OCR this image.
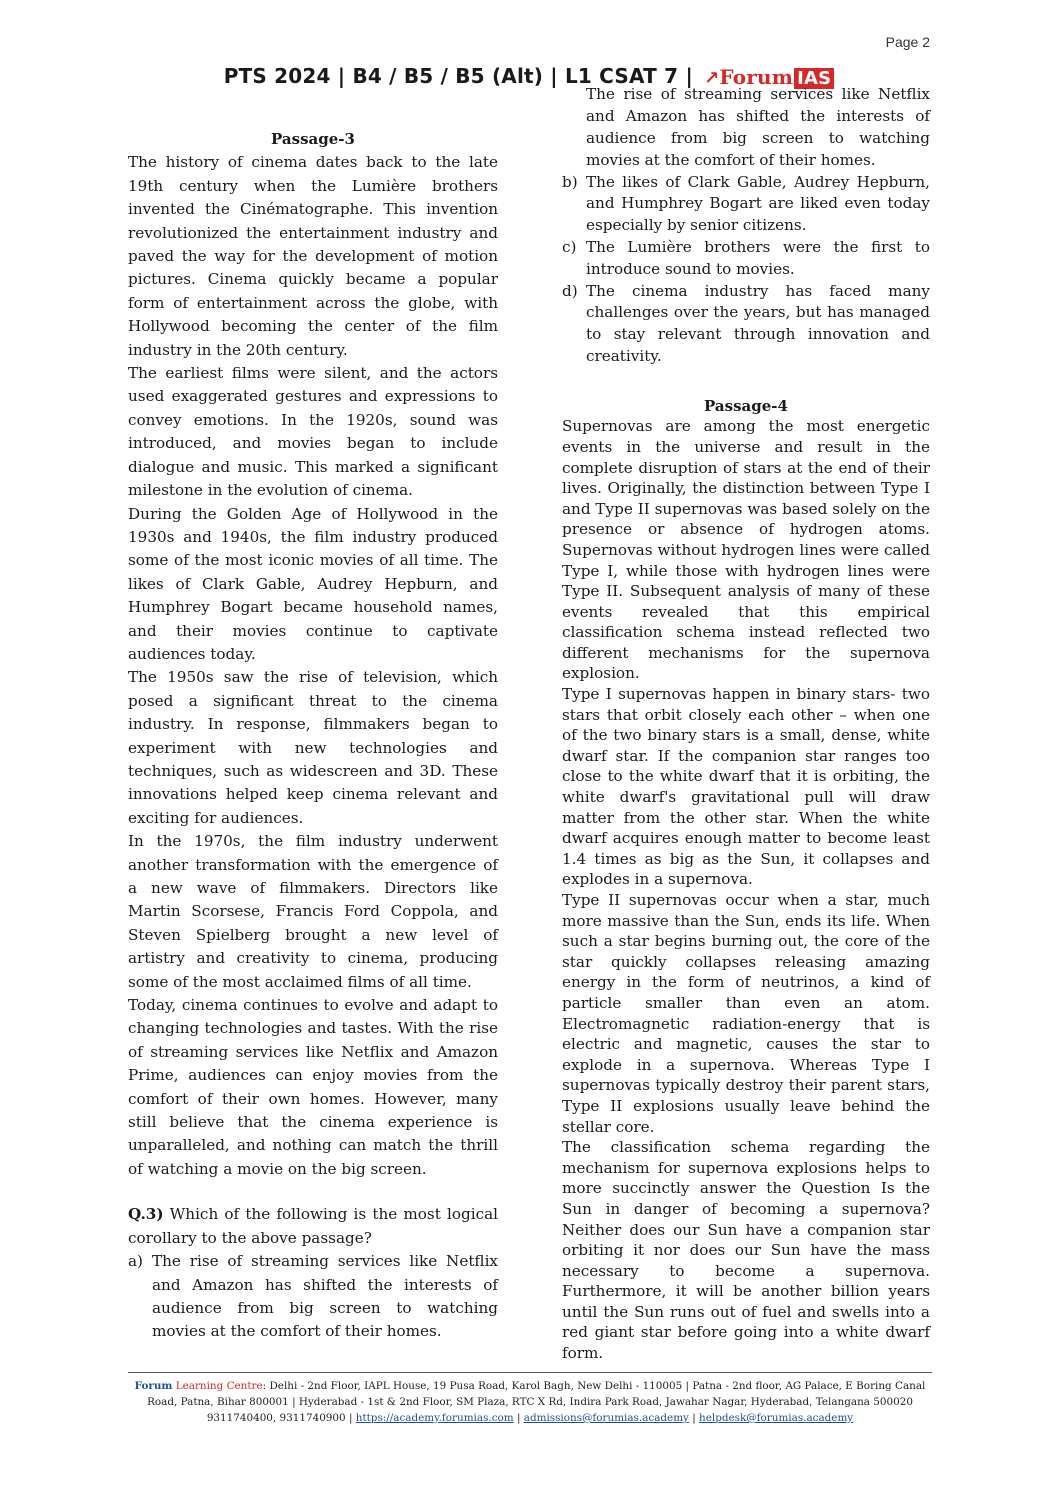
Page 2
PTS 2024 | B4 / B5 / B5 (Alt) | L1 CSAT 7 | ↗Forum IAS

Passage-3

The history of cinema dates back to the late 19th century when the Lumière brothers invented the Cinématographe. This invention revolutionized the entertainment industry and paved the way for the development of motion pictures. Cinema quickly became a popular form of entertainment across the globe, with Hollywood becoming the center of the film industry in the 20th century.

The earliest films were silent, and the actors used exaggerated gestures and expressions to convey emotions. In the 1920s, sound was introduced, and movies began to include dialogue and music. This marked a significant milestone in the evolution of cinema.

During the Golden Age of Hollywood in the 1930s and 1940s, the film industry produced some of the most iconic movies of all time. The likes of Clark Gable, Audrey Hepburn, and Humphrey Bogart became household names, and their movies continue to captivate audiences today.

The 1950s saw the rise of television, which posed a significant threat to the cinema industry. In response, filmmakers began to experiment with new technologies and techniques, such as widescreen and 3D. These innovations helped keep cinema relevant and exciting for audiences.

In the 1970s, the film industry underwent another transformation with the emergence of a new wave of filmmakers. Directors like Martin Scorsese, Francis Ford Coppola, and Steven Spielberg brought a new level of artistry and creativity to cinema, producing some of the most acclaimed films of all time.

Today, cinema continues to evolve and adapt to changing technologies and tastes. With the rise of streaming services like Netflix and Amazon Prime, audiences can enjoy movies from the comfort of their own homes. However, many still believe that the cinema experience is unparalleled, and nothing can match the thrill of watching a movie on the big screen.

Q.3) Which of the following is the most logical corollary to the above passage?

a) The rise of streaming services like Netflix and Amazon has shifted the interests of audience from big screen to watching movies at the comfort of their homes.
The rise of streaming services like Netflix and Amazon has shifted the interests of audience from big screen to watching movies at the comfort of their homes.
b) The likes of Clark Gable, Audrey Hepburn, and Humphrey Bogart are liked even today especially by senior citizens.
c) The Lumière brothers were the first to introduce sound to movies.
d) The cinema industry has faced many challenges over the years, but has managed to stay relevant through innovation and creativity.

Passage-4

Supernovas are among the most energetic events in the universe and result in the complete disruption of stars at the end of their lives. Originally, the distinction between Type I and Type II supernovas was based solely on the presence or absence of hydrogen atoms. Supernovas without hydrogen lines were called Type I, while those with hydrogen lines were Type II. Subsequent analysis of many of these events revealed that this empirical classification schema instead reflected two different mechanisms for the supernova explosion.

Type I supernovas happen in binary stars- two stars that orbit closely each other – when one of the two binary stars is a small, dense, white dwarf star. If the companion star ranges too close to the white dwarf that it is orbiting, the white dwarf's gravitational pull will draw matter from the other star. When the white dwarf acquires enough matter to become least 1.4 times as big as the Sun, it collapses and explodes in a supernova.

Type II supernovas occur when a star, much more massive than the Sun, ends its life. When such a star begins burning out, the core of the star quickly collapses releasing amazing energy in the form of neutrinos, a kind of particle smaller than even an atom. Electromagnetic radiation-energy that is electric and magnetic, causes the star to explode in a supernova. Whereas Type I supernovas typically destroy their parent stars, Type II explosions usually leave behind the stellar core.

The classification schema regarding the mechanism for supernova explosions helps to more succinctly answer the Question Is the Sun in danger of becoming a supernova? Neither does our Sun have a companion star orbiting it nor does our Sun have the mass necessary to become a supernova. Furthermore, it will be another billion years until the Sun runs out of fuel and swells into a red giant star before going into a white dwarf form.

Forum Learning Centre: Delhi - 2nd Floor, IAPL House, 19 Pusa Road, Karol Bagh, New Delhi - 110005 | Patna - 2nd floor, AG Palace, E Boring Canal
Road, Patna, Bihar 800001 | Hyderabad - 1st & 2nd Floor, SM Plaza, RTC X Rd, Indira Park Road, Jawahar Nagar, Hyderabad, Telangana 500020
9311740400, 9311740900 | https://academy.forumias.com | admissions@forumias.academy | helpdesk@forumias.academy
